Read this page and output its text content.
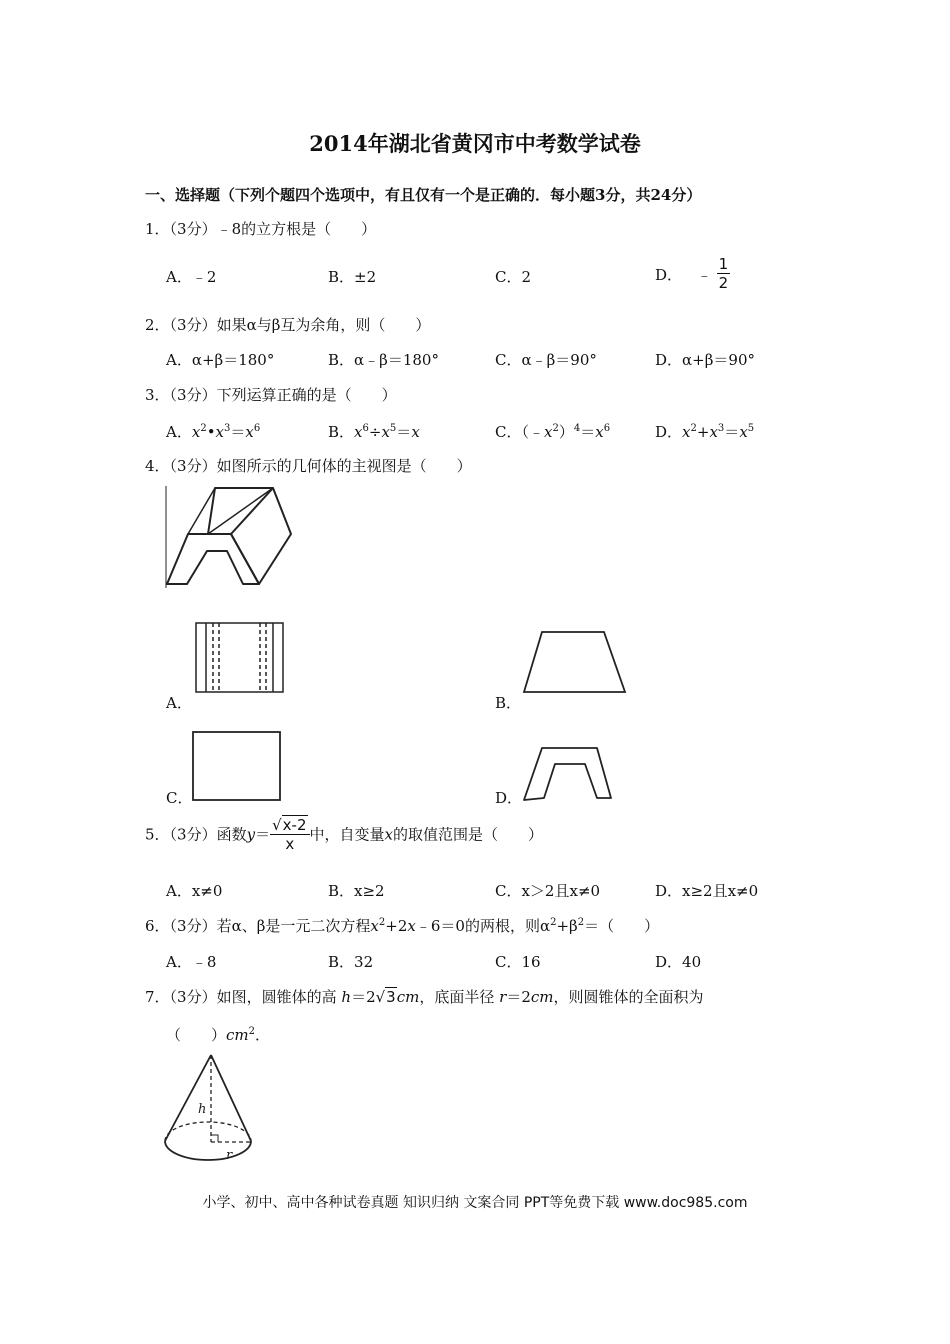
2014年湖北省黄冈市中考数学试卷
一、选择题（下列个题四个选项中，有且仅有一个是正确的．每小题3分，共24分）
1．（3分）﹣8的立方根是（　　）
A．﹣2	B．±2	C．2	D． ﹣ $\frac{1}{2}$
2．（3分）如果α与β互为余角，则（　　）
A．α+β＝180°	B．α﹣β＝180°	C．α﹣β＝90°	D．α+β＝90°
3．（3分）下列运算正确的是（　　）
A．$x^2•x^3=x^6$	B．$x^6\div x^5=x$	C．$(﹣x^2)^4=x^6$	D．$x^2+x^3=x^5$
4．（3分）如图所示的几何体的主视图是（　　）
A．	B．
C．	D．
5．（3分）函数$y= \frac{√x-2}{x}$ 中，自变量x的取值范围是（　　）
A．x≠0	B．x≥2	C．x＞2且x≠0	D．x≥2且x≠0
6．（3分）若α、β是一元二次方程$x^2+2x﹣6=0$的两根，则$\alpha^2+\beta^2=$（　　）
A．﹣8	B．32	C．16	D．40
7．（3分）如图，圆锥体的高 h＝2√3cm，底面半径 r＝2cm，则圆锥体的全面积为
（　　）$cm^2$．
h
r
小学、初中、高中各种试卷真题 知识归纳 文案合同 PPT等免费下载 www.doc985.com
